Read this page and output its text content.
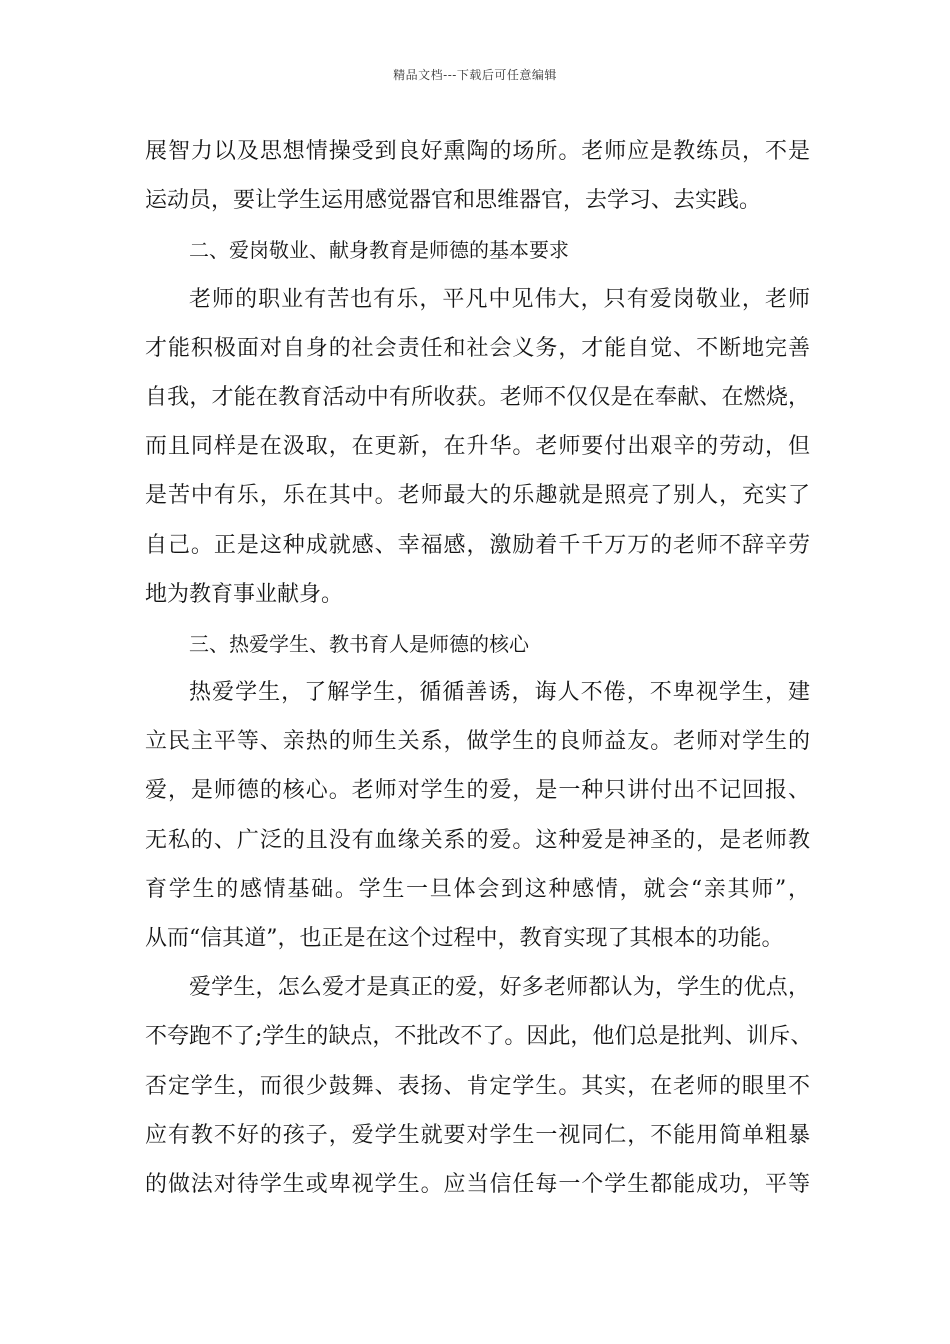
精品文档---下载后可任意编辑
展智力以及思想情操受到良好熏陶的场所。老师应是教练员，不是
运动员，要让学生运用感觉器官和思维器官，去学习、去实践。
二、爱岗敬业、献身教育是师德的基本要求
老师的职业有苦也有乐，平凡中见伟大，只有爱岗敬业，老师
才能积极面对自身的社会责任和社会义务，才能自觉、不断地完善
自我，才能在教育活动中有所收获。老师不仅仅是在奉献、在燃烧，
而且同样是在汲取，在更新，在升华。老师要付出艰辛的劳动，但
是苦中有乐，乐在其中。老师最大的乐趣就是照亮了别人，充实了
自己。正是这种成就感、幸福感，激励着千千万万的老师不辞辛劳
地为教育事业献身。
三、热爱学生、教书育人是师德的核心
热爱学生，了解学生，循循善诱，诲人不倦，不卑视学生，建
立民主平等、亲热的师生关系，做学生的良师益友。老师对学生的
爱，是师德的核心。老师对学生的爱，是一种只讲付出不记回报、
无私的、广泛的且没有血缘关系的爱。这种爱是神圣的，是老师教
育学生的感情基础。学生一旦体会到这种感情，就会“亲其师”，
从而“信其道”，也正是在这个过程中，教育实现了其根本的功能。
爱学生，怎么爱才是真正的爱，好多老师都认为，学生的优点，
不夸跑不了;学生的缺点，不批改不了。因此，他们总是批判、训斥、
否定学生，而很少鼓舞、表扬、肯定学生。其实，在老师的眼里不
应有教不好的孩子，爱学生就要对学生一视同仁，不能用简单粗暴
的做法对待学生或卑视学生。应当信任每一个学生都能成功，平等
